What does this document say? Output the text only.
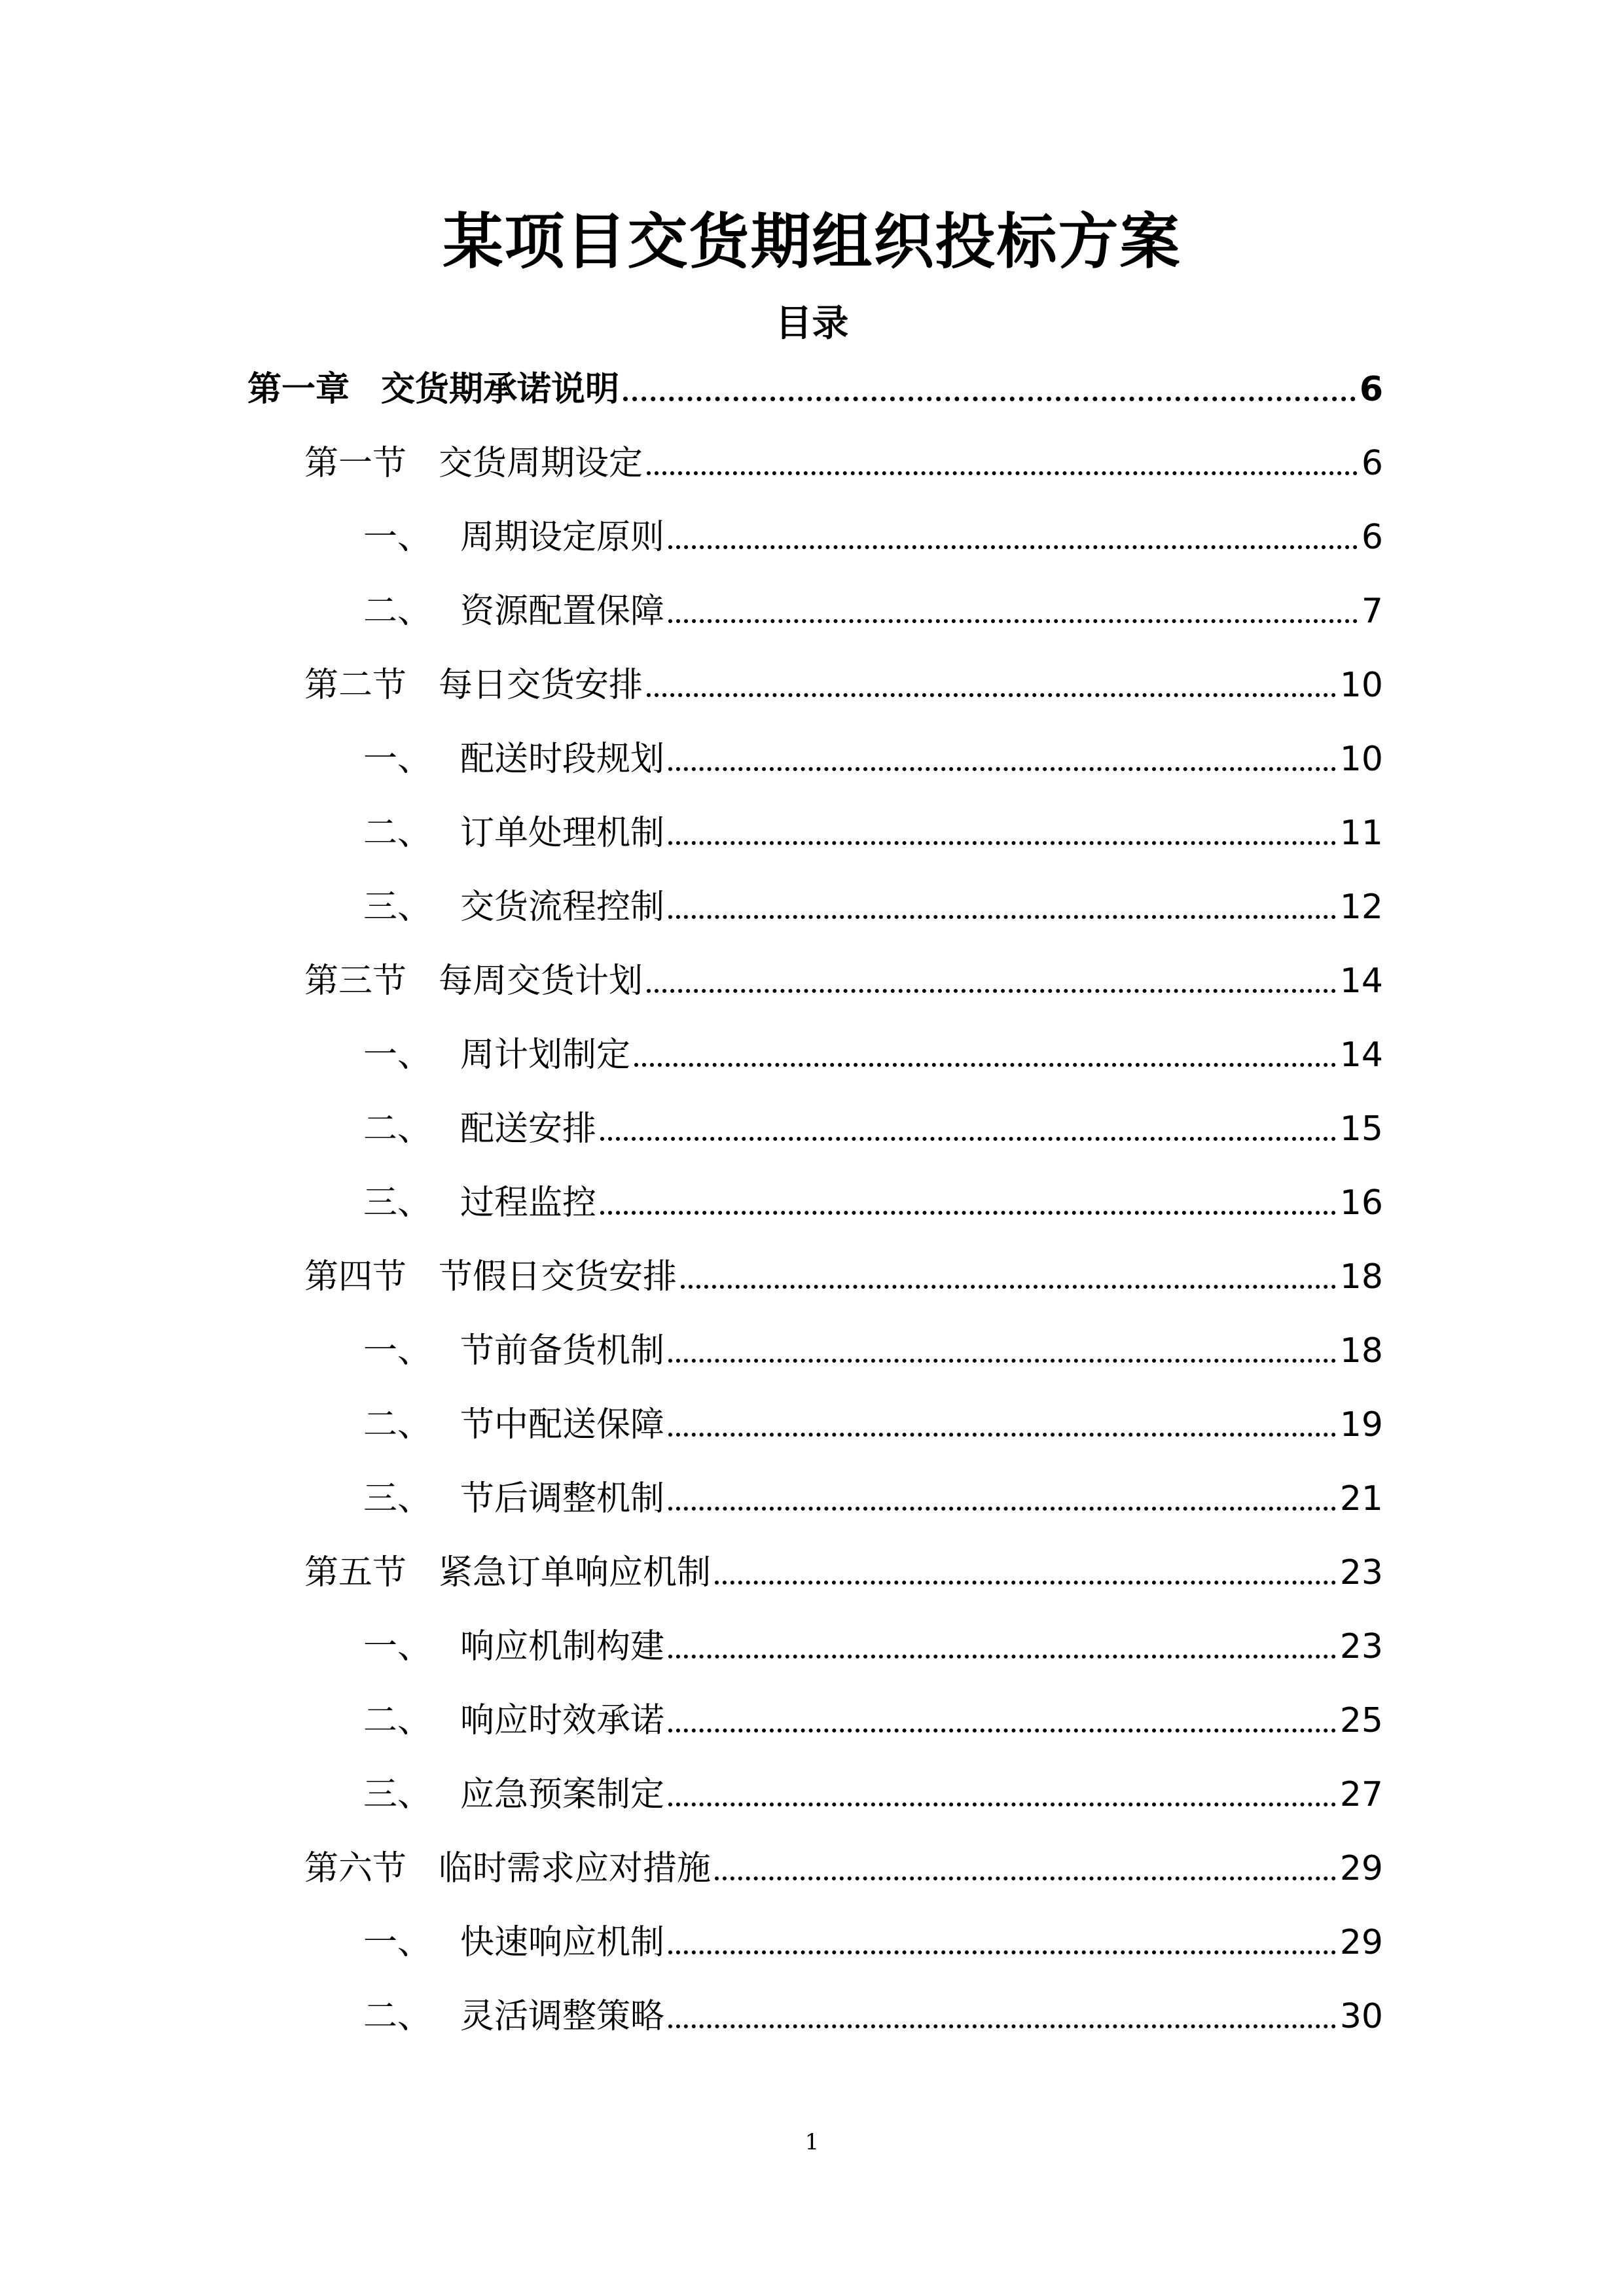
某项目交货期组织投标方案
目录
第一章 交货期承诺说明	6
第一节 交货周期设定	6
一、 周期设定原则	6
二、 资源配置保障	7
第二节 每日交货安排	10
一、 配送时段规划	10
二、 订单处理机制	11
三、 交货流程控制	12
第三节 每周交货计划	14
一、 周计划制定	14
二、 配送安排	15
三、 过程监控	16
第四节 节假日交货安排	18
一、 节前备货机制	18
二、 节中配送保障	19
三、 节后调整机制	21
第五节 紧急订单响应机制	23
一、 响应机制构建	23
二、 响应时效承诺	25
三、 应急预案制定	27
第六节 临时需求应对措施	29
一、 快速响应机制	29
二、 灵活调整策略	30
1
